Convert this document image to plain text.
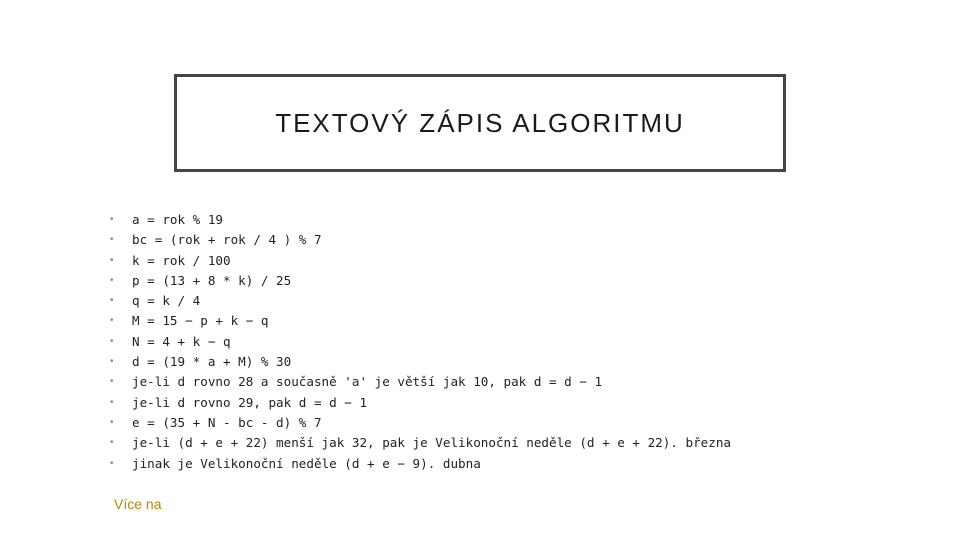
TEXTOVÝ ZÁPIS ALGORITMU
•	a = rok % 19
•	bc = (rok + rok / 4 ) % 7
•	k = rok / 100
•	p = (13 + 8 * k) / 25
•	q = k / 4
•	M = 15 − p + k − q
•	N = 4 + k − q
•	d = (19 * a + M) % 30
•	je-li d rovno 28 a současně 'a' je větší jak 10, pak d = d − 1
•	je-li d rovno 29, pak d = d − 1
•	e = (35 + N - bc - d) % 7
•	je-li (d + e + 22) menší jak 32, pak je Velikonoční neděle (d + e + 22). března
•	jinak je Velikonoční neděle (d + e − 9). dubna
Více na
